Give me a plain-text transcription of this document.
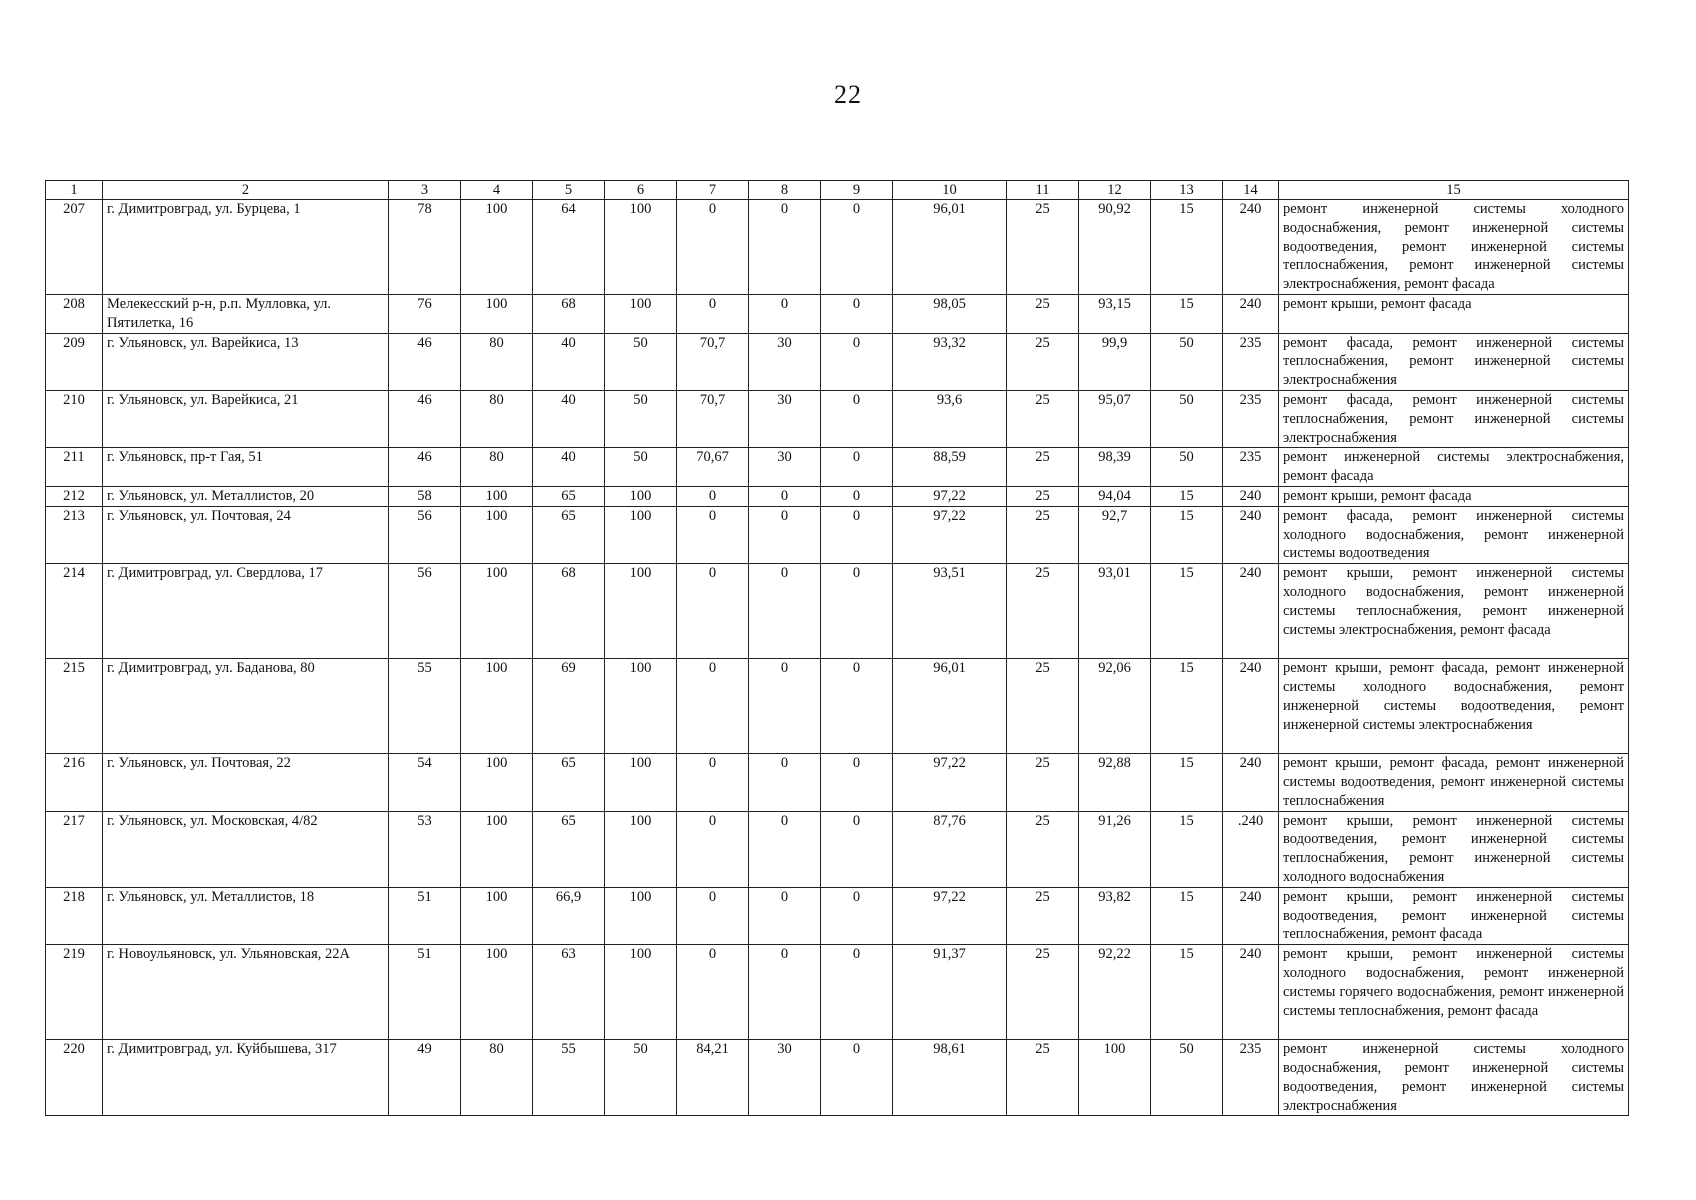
22
1	2	3	4	5	6	7	8	9	10	11	12	13	14	15
207	г. Димитровград, ул. Бурцева, 1	78	100	64	100	0	0	0	96,01	25	90,92	15	240	ремонт инженерной системы холодного водоснабжения, ремонт инженерной системы водоотведения, ремонт инженерной системы теплоснабжения, ремонт инженерной системы электроснабжения, ремонт фасада
208	Мелекесский р-н, р.п. Мулловка, ул. Пятилетка, 16	76	100	68	100	0	0	0	98,05	25	93,15	15	240	ремонт крыши, ремонт фасада
209	г. Ульяновск, ул. Варейкиса, 13	46	80	40	50	70,7	30	0	93,32	25	99,9	50	235	ремонт фасада, ремонт инженерной системы теплоснабжения, ремонт инженерной системы электроснабжения
210	г. Ульяновск, ул. Варейкиса, 21	46	80	40	50	70,7	30	0	93,6	25	95,07	50	235	ремонт фасада, ремонт инженерной системы теплоснабжения, ремонт инженерной системы электроснабжения
211	г. Ульяновск, пр-т Гая, 51	46	80	40	50	70,67	30	0	88,59	25	98,39	50	235	ремонт инженерной системы электроснабжения, ремонт фасада
212	г. Ульяновск, ул. Металлистов, 20	58	100	65	100	0	0	0	97,22	25	94,04	15	240	ремонт крыши, ремонт фасада
213	г. Ульяновск, ул. Почтовая, 24	56	100	65	100	0	0	0	97,22	25	92,7	15	240	ремонт фасада, ремонт инженерной системы холодного водоснабжения, ремонт инженерной системы водоотведения
214	г. Димитровград, ул. Свердлова, 17	56	100	68	100	0	0	0	93,51	25	93,01	15	240	ремонт крыши, ремонт инженерной системы холодного водоснабжения, ремонт инженерной системы теплоснабжения, ремонт инженерной системы электроснабжения, ремонт фасада
215	г. Димитровград, ул. Баданова, 80	55	100	69	100	0	0	0	96,01	25	92,06	15	240	ремонт крыши, ремонт фасада, ремонт инженерной системы холодного водоснабжения, ремонт инженерной системы водоотведения, ремонт инженерной системы электроснабжения
216	г. Ульяновск, ул. Почтовая, 22	54	100	65	100	0	0	0	97,22	25	92,88	15	240	ремонт крыши, ремонт фасада, ремонт инженерной системы водоотведения, ремонт инженерной системы теплоснабжения
217	г. Ульяновск, ул. Московская, 4/82	53	100	65	100	0	0	0	87,76	25	91,26	15	.240	ремонт крыши, ремонт инженерной системы водоотведения, ремонт инженерной системы теплоснабжения, ремонт инженерной системы холодного водоснабжения
218	г. Ульяновск, ул. Металлистов, 18	51	100	66,9	100	0	0	0	97,22	25	93,82	15	240	ремонт крыши, ремонт инженерной системы водоотведения, ремонт инженерной системы теплоснабжения, ремонт фасада
219	г. Новоульяновск, ул. Ульяновская, 22А	51	100	63	100	0	0	0	91,37	25	92,22	15	240	ремонт крыши, ремонт инженерной системы холодного водоснабжения, ремонт инженерной системы горячего водоснабжения, ремонт инженерной системы теплоснабжения, ремонт фасада
220	г. Димитровград, ул. Куйбышева, 317	49	80	55	50	84,21	30	0	98,61	25	100	50	235	ремонт инженерной системы холодного водоснабжения, ремонт инженерной системы водоотведения, ремонт инженерной системы электроснабжения
